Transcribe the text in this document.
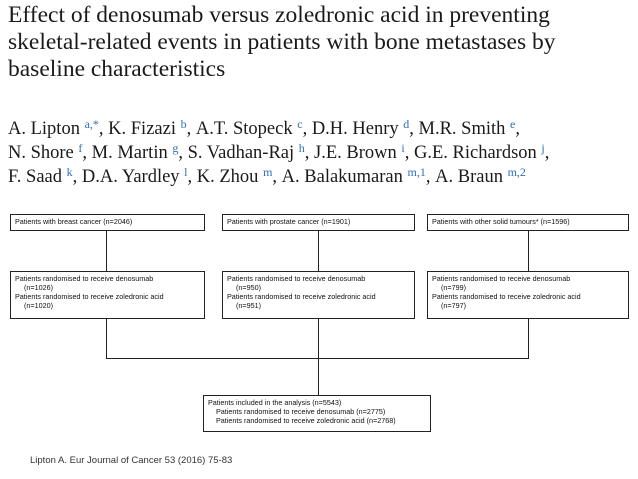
Effect of denosumab versus zoledronic acid in preventing skeletal-related events in patients with bone metastases by baseline characteristics
A. Lipton $^{a,*}$, K. Fizazi $^b$, A.T. Stopeck $^c$, D.H. Henry $^d$, M.R. Smith $^e$,
N. Shore $^f$, M. Martin $^g$, S. Vadhan-Raj $^h$, J.E. Brown $^i$, G.E. Richardson $^j$,
F. Saad $^k$, D.A. Yardley $^l$, K. Zhou $^m$, A. Balakumaran $^{m,1}$, A. Braun $^{m,2}$
Patients with breast cancer (n=2046)	Patients with prostate cancer (n=1901)	Patients with other solid tumours* (n=1596)
Patients randomised to receive denosumab
(n=1026)
Patients randomised to receive zoledronic acid
(n=1020)
Patients randomised to receive denosumab
(n=950)
Patients randomised to receive zoledronic acid
(n=951)
Patients randomised to receive denosumab
(n=799)
Patients randomised to receive zoledronic acid
(n=797)
Patients included in the analysis (n=5543)
Patients randomised to receive denosumab (n=2775)
Patients randomised to receive zoledronic acid (n=2768)
Lipton A. Eur Journal of Cancer 53 (2016) 75-83
